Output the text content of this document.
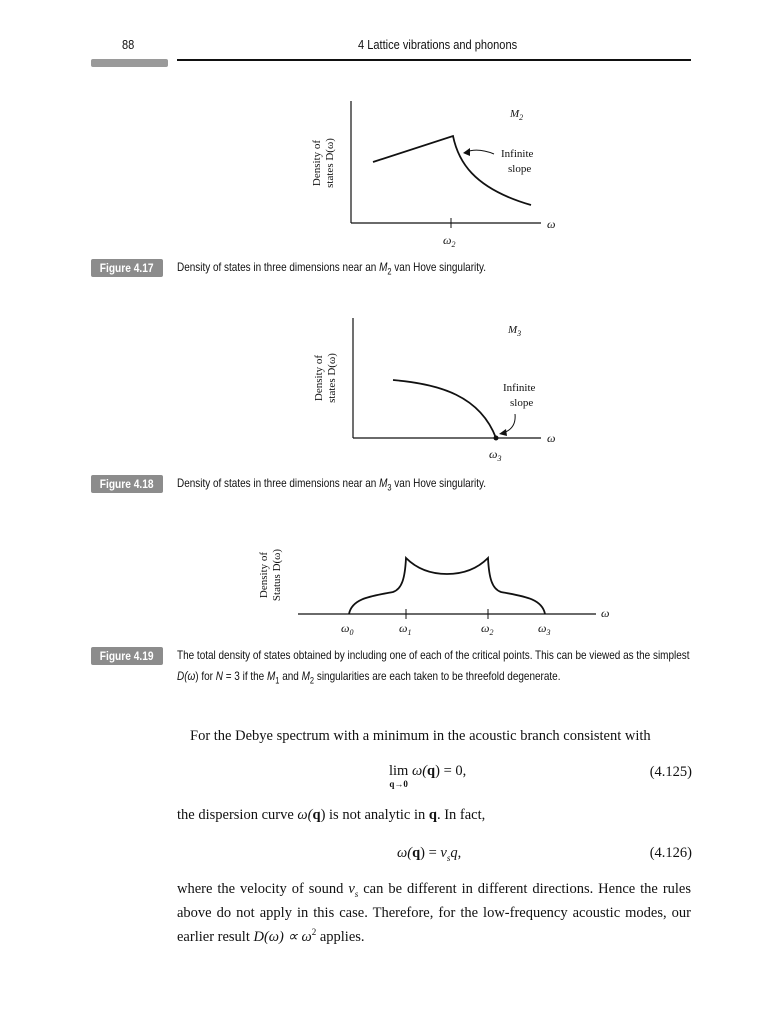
88	4 Lattice vibrations and phonons
$M_2$
Infinite
slope
ω
$\omega_2$
Density of states D(ω)
Figure 4.17	Density of states in three dimensions near an $M_2$ van Hove singularity.
$M_3$
Infinite
slope
ω
$\omega_3$
Density of states D(ω)
Figure 4.18	Density of states in three dimensions near an $M_3$ van Hove singularity.
ω
$\omega_0$	$\omega_1$	$\omega_2$	$\omega_3$
Density of Status D(ω)
Figure 4.19	The total density of states obtained by including one of each of the critical points. This can be viewed as the simplest
D(ω) for N = 3 if the $M_1$ and $M_2$ singularities are each taken to be threefold degenerate.
For the Debye spectrum with a minimum in the acoustic branch consistent with
lim
q→0
ω(q) = 0,	(4.125)
the dispersion curve ω(q) is not analytic in q. In fact,
$\omega(q) = v_sq$,	(4.126)
where the velocity of sound $v_s$ can be different in different directions. Hence the rules
above do not apply in this case. Therefore, for the low-frequency acoustic modes, our
earlier result $D(\omega) \propto \omega^2$ applies.
